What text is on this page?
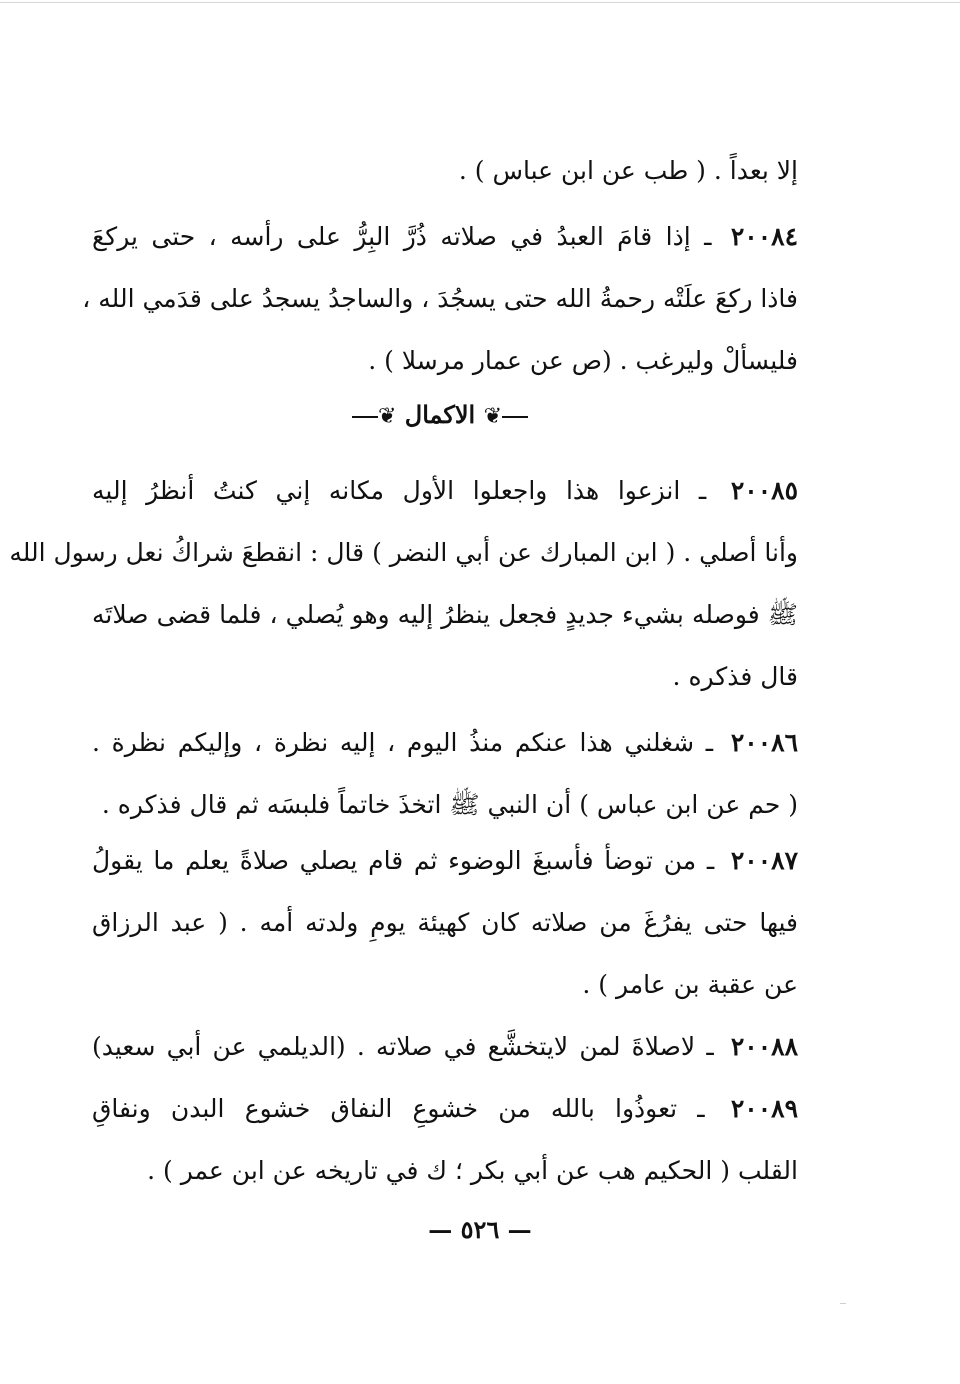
إلا بعداً . ( طب عن ابن عباس ) .
٢٠٠٨٤ ـ إذا قامَ العبدُ في صلاته ذُرَّ البِرُّ على رأسه ، حتى يركعَ
فاذا ركعَ علَتْه رحمةُ الله حتى يسجُدَ ، والساجدُ يسجدُ على قدَمي الله ،
فليسألْ وليرغب . (ص عن عمار مرسلا ) .
❦ الاكمال ❦
٢٠٠٨٥ ـ انزعوا هذا واجعلوا الأول مكانه إني كنتُ أنظرُ إليه
وأنا أصلي . ( ابن المبارك عن أبي النضر ) قال : انقطعَ شراكُ نعل رسول الله
ﷺ فوصله بشيء جديدٍ فجعل ينظرُ إليه وهو يُصلي ، فلما قضى صلاتَه
قال فذكره .
٢٠٠٨٦ ـ شغلني هذا عنكم منذُ اليوم ، إليه نظرة ، وإليكم نظرة .
( حم عن ابن عباس ) أن النبي ﷺ اتخذَ خاتماً فلبسَه ثم قال فذكره .
٢٠٠٨٧ ـ من توضأ فأسبغَ الوضوء ثم قام يصلي صلاةً يعلم ما يقولُ
فيها حتى يفرُغَ من صلاته كان كهيئة يومِ ولدته أمه . ( عبد الرزاق
عن عقبة بن عامر ) .
٢٠٠٨٨ ـ لاصلاةَ لمن لايتخشَّع في صلاته . (الديلمي عن أبي سعيد)
٢٠٠٨٩ ـ تعوذُوا بالله من خشوعِ النفاق خشوع البدن ونفاقِ
القلب ( الحكيم هب عن أبي بكر ؛ ك في تاريخه عن ابن عمر ) .
— ٥٢٦ —
